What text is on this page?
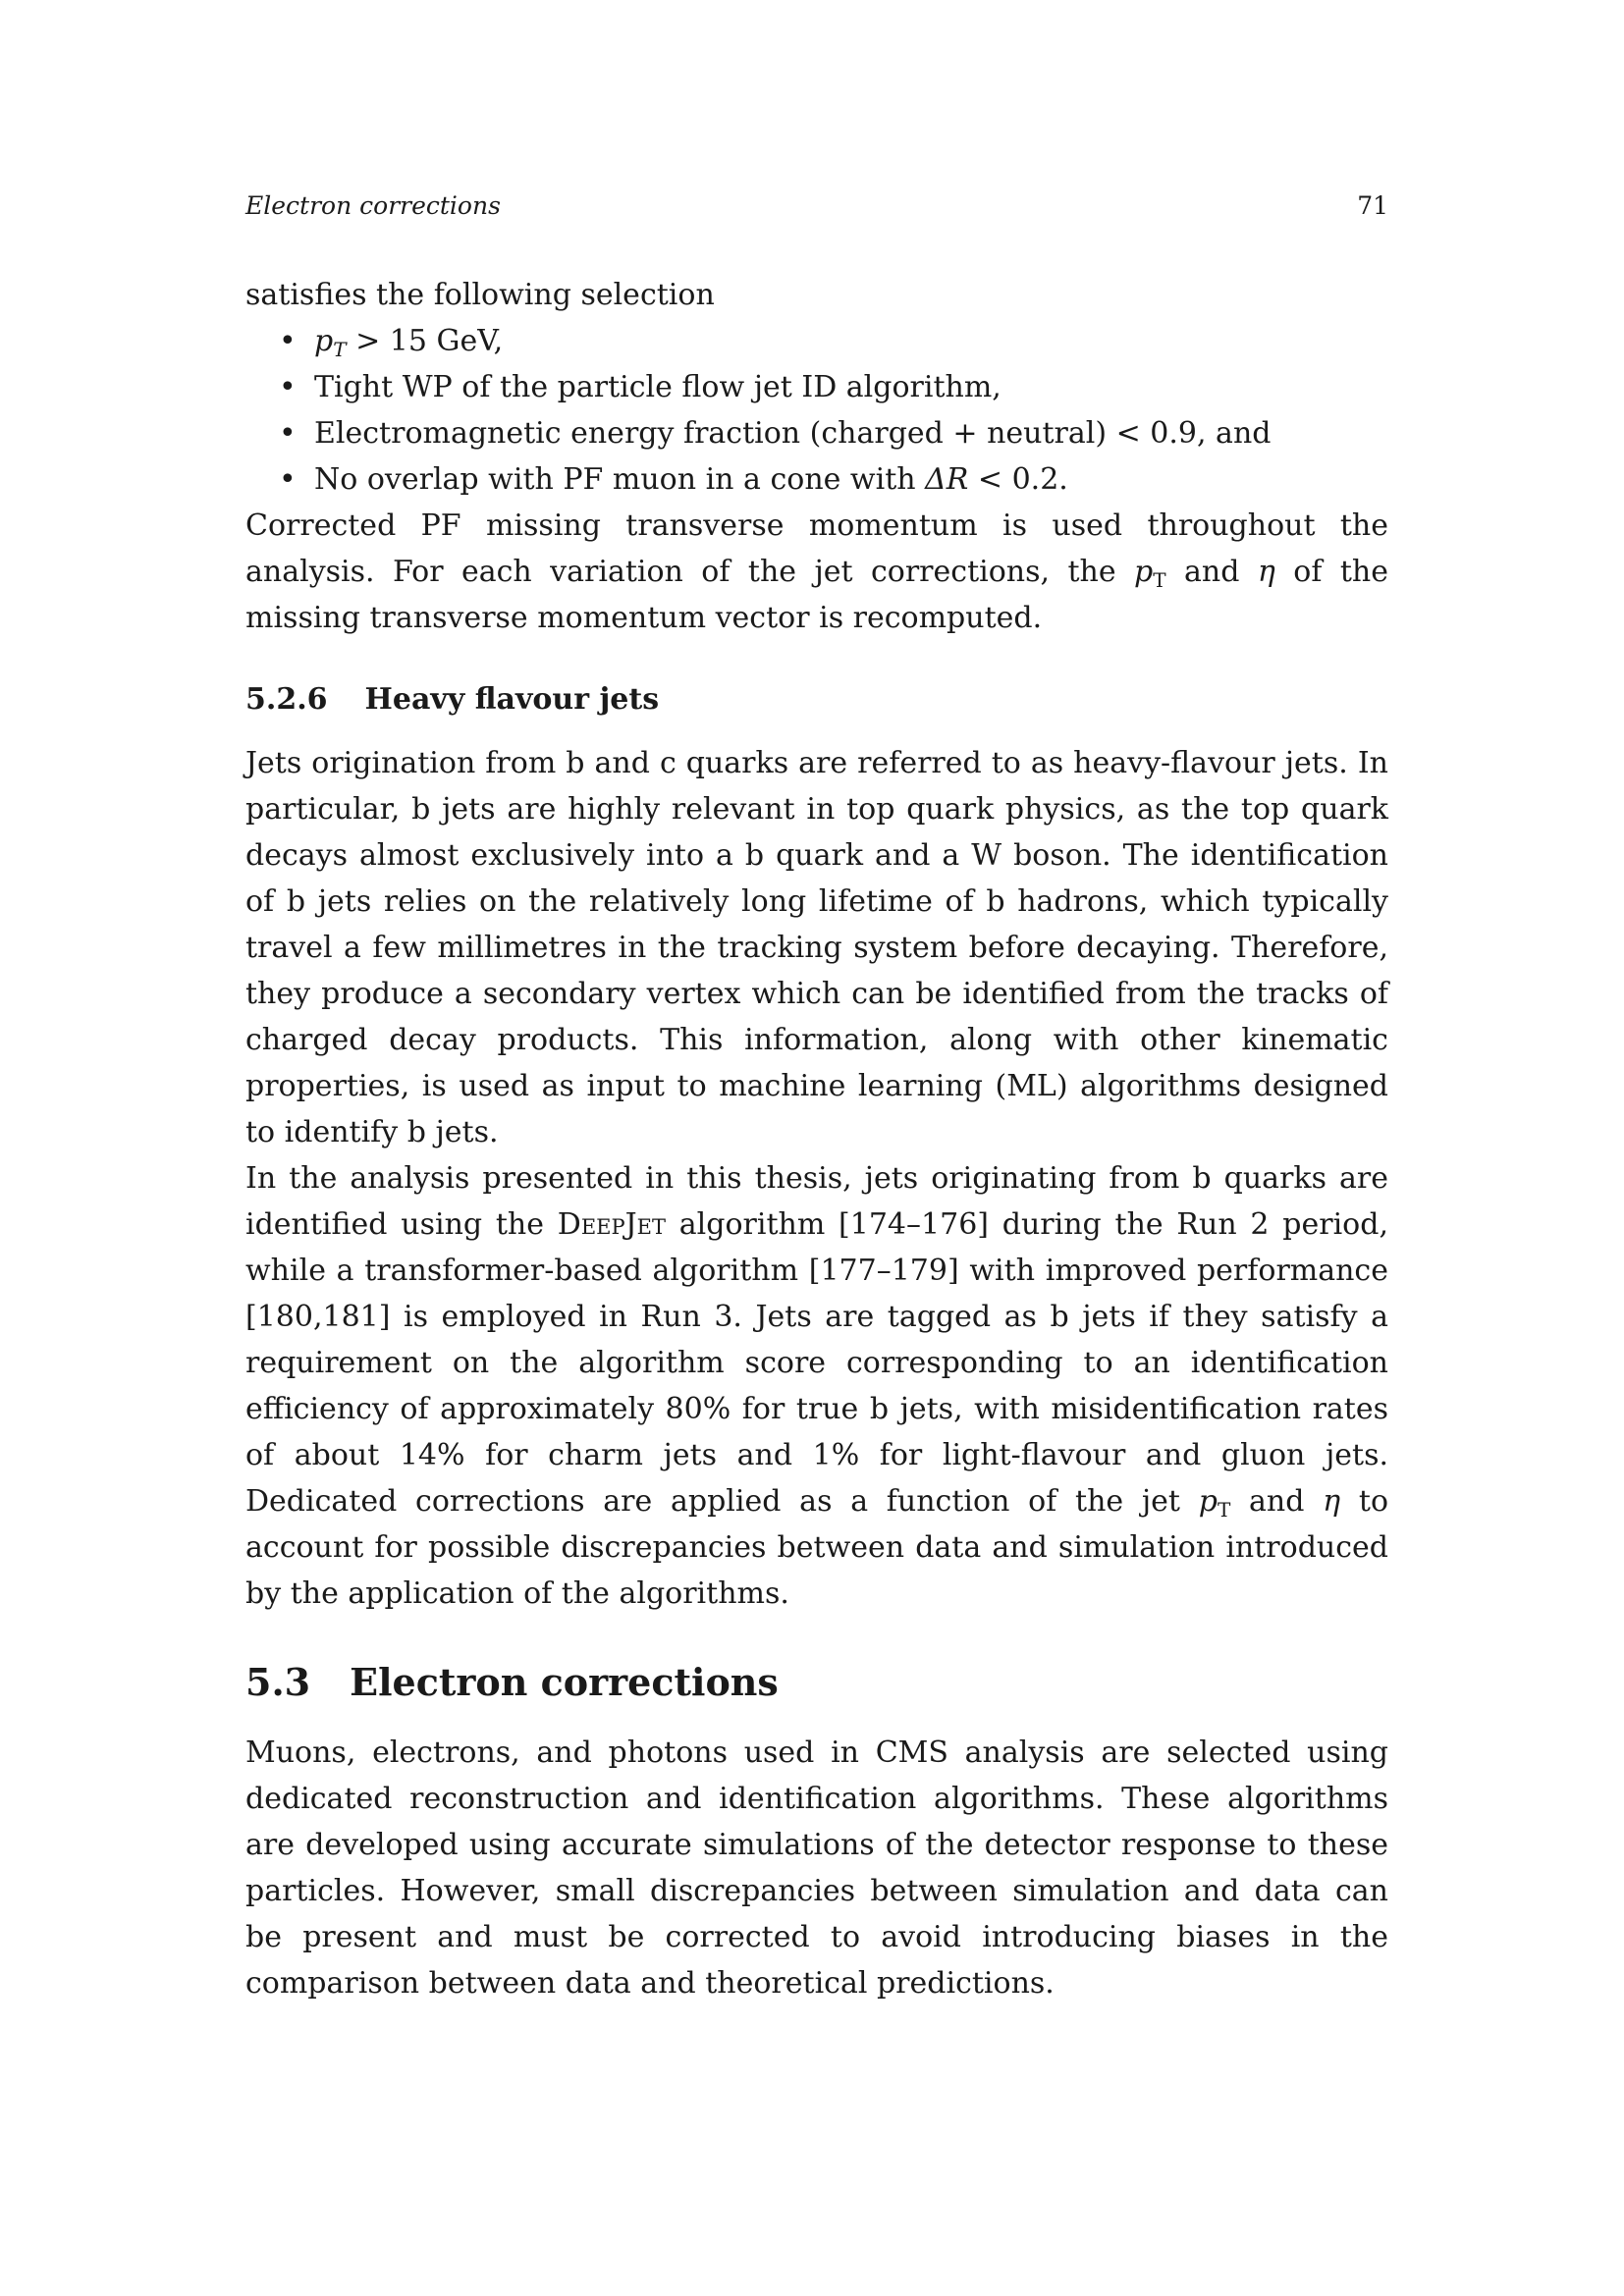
Electron corrections	71

satisfies the following selection

• $p_T > 15$ GeV,
• Tight WP of the particle flow jet ID algorithm,
• Electromagnetic energy fraction (charged + neutral) < 0.9, and
• No overlap with PF muon in a cone with ΔR < 0.2.

Corrected PF missing transverse momentum is used throughout the analysis. For each variation of the jet corrections, the $p_T$ and η of the missing transverse momentum vector is recomputed.

5.2.6 Heavy flavour jets

Jets origination from b and c quarks are referred to as heavy-flavour jets. In particular, b jets are highly relevant in top quark physics, as the top quark decays almost exclusively into a b quark and a W boson. The identification of b jets relies on the relatively long lifetime of b hadrons, which typically travel a few millimetres in the tracking system before decaying. Therefore, they produce a secondary vertex which can be identified from the tracks of charged decay products. This information, along with other kinematic properties, is used as input to machine learning (ML) algorithms designed to identify b jets.

In the analysis presented in this thesis, jets originating from b quarks are identified using the DeepJet algorithm [174–176] during the Run 2 period, while a transformer-based algorithm [177–179] with improved performance [180,181] is employed in Run 3. Jets are tagged as b jets if they satisfy a requirement on the algorithm score corresponding to an identification efficiency of approximately 80% for true b jets, with misidentification rates of about 14% for charm jets and 1% for light-flavour and gluon jets. Dedicated corrections are applied as a function of the jet $p_T$ and η to account for possible discrepancies between data and simulation introduced by the application of the algorithms.

5.3 Electron corrections

Muons, electrons, and photons used in CMS analysis are selected using dedicated reconstruction and identification algorithms. These algorithms are developed using accurate simulations of the detector response to these particles. However, small discrepancies between simulation and data can be present and must be corrected to avoid introducing biases in the comparison between data and theoretical predictions.
